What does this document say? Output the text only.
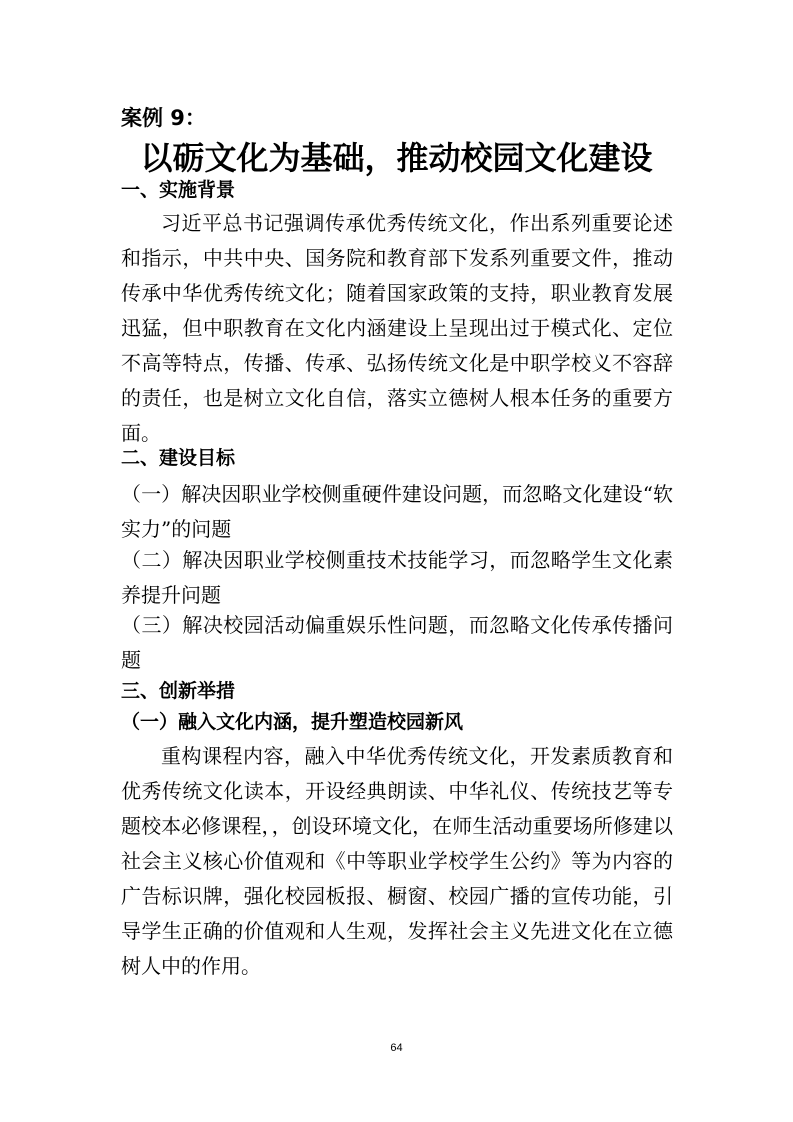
案例 9：
以砺文化为基础，推动校园文化建设
一、实施背景

习近平总书记强调传承优秀传统文化，作出系列重要论述和指示，中共中央、国务院和教育部下发系列重要文件，推动传承中华优秀传统文化；随着国家政策的支持，职业教育发展迅猛，但中职教育在文化内涵建设上呈现出过于模式化、定位不高等特点，传播、传承、弘扬传统文化是中职学校义不容辞的责任，也是树立文化自信，落实立德树人根本任务的重要方面。

二、建设目标

（一）解决因职业学校侧重硬件建设问题，而忽略文化建设“软实力”的问题

（二）解决因职业学校侧重技术技能学习，而忽略学生文化素养提升问题

（三）解决校园活动偏重娱乐性问题，而忽略文化传承传播问题

三、创新举措
（一）融入文化内涵，提升塑造校园新风

重构课程内容，融入中华优秀传统文化，开发素质教育和优秀传统文化读本，开设经典朗读、中华礼仪、传统技艺等专题校本必修课程，，创设环境文化，在师生活动重要场所修建以社会主义核心价值观和《中等职业学校学生公约》等为内容的广告标识牌，强化校园板报、橱窗、校园广播的宣传功能，引导学生正确的价值观和人生观，发挥社会主义先进文化在立德树人中的作用。

64
